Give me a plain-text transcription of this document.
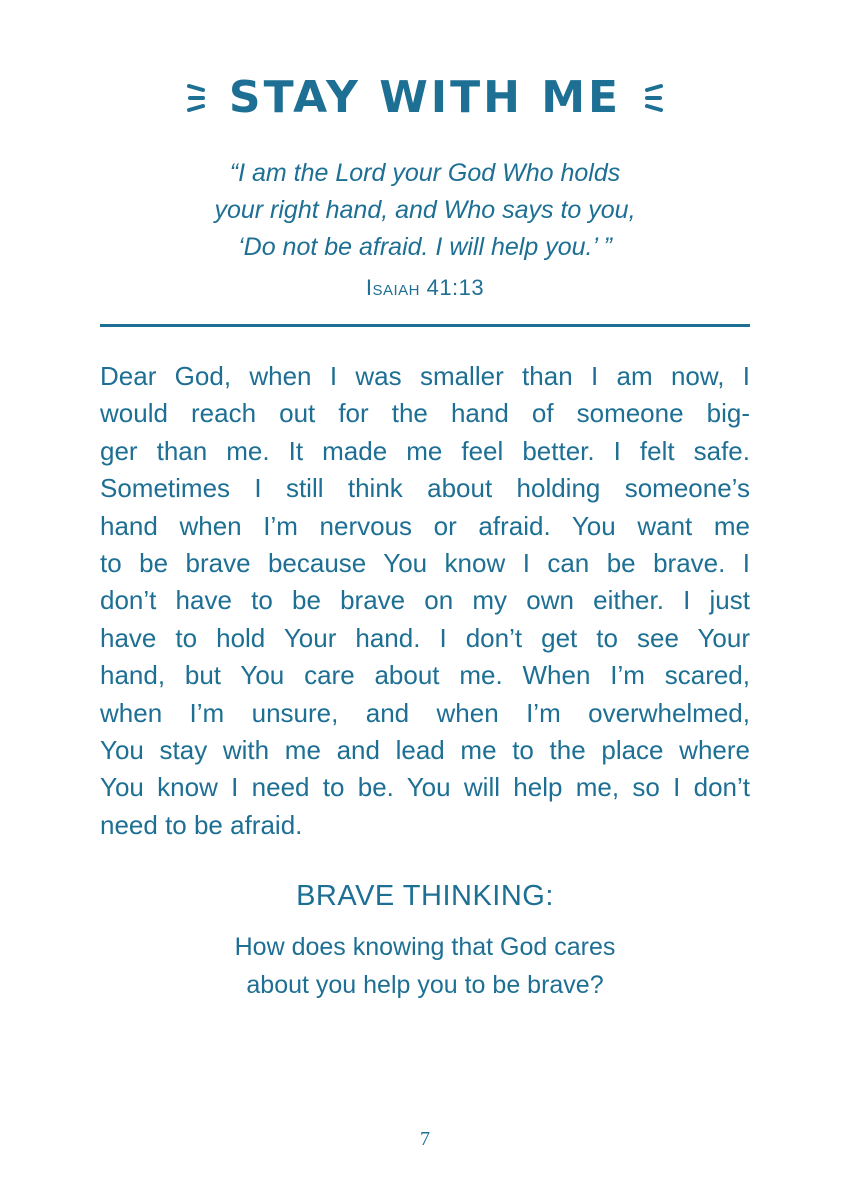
STAY WITH ME
“I am the Lord your God Who holds
your right hand, and Who says to you,
‘Do not be afraid. I will help you.’ ”
Isaiah 41:13
Dear God, when I was smaller than I am now, I
would reach out for the hand of someone big-
ger than me. It made me feel better. I felt safe.
Sometimes I still think about holding someone’s
hand when I’m nervous or afraid. You want me
to be brave because You know I can be brave. I
don’t have to be brave on my own either. I just
have to hold Your hand. I don’t get to see Your
hand, but You care about me. When I’m scared,
when I’m unsure, and when I’m overwhelmed,
You stay with me and lead me to the place where
You know I need to be. You will help me, so I don’t
need to be afraid.
BRAVE THINKING:
How does knowing that God cares
about you help you to be brave?
7
